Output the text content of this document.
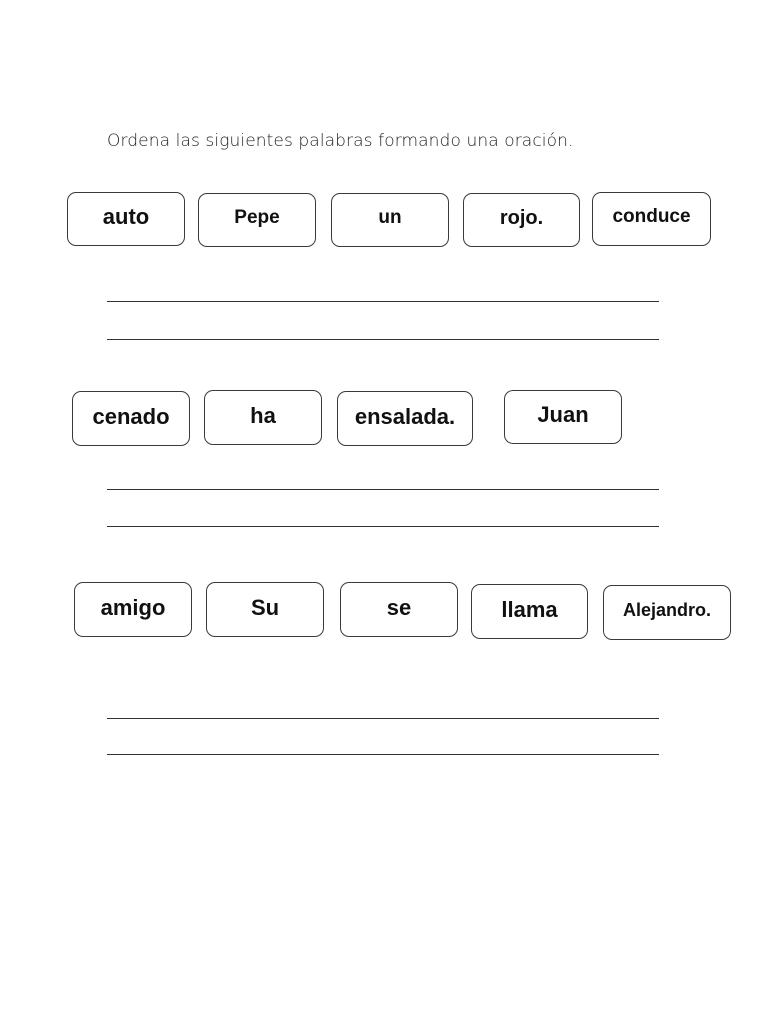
Ordena las siguientes palabras formando una oración.
auto	Pepe	un	rojo.	conduce
cenado	ha	ensalada.	Juan
amigo	Su	se	llama	Alejandro.
